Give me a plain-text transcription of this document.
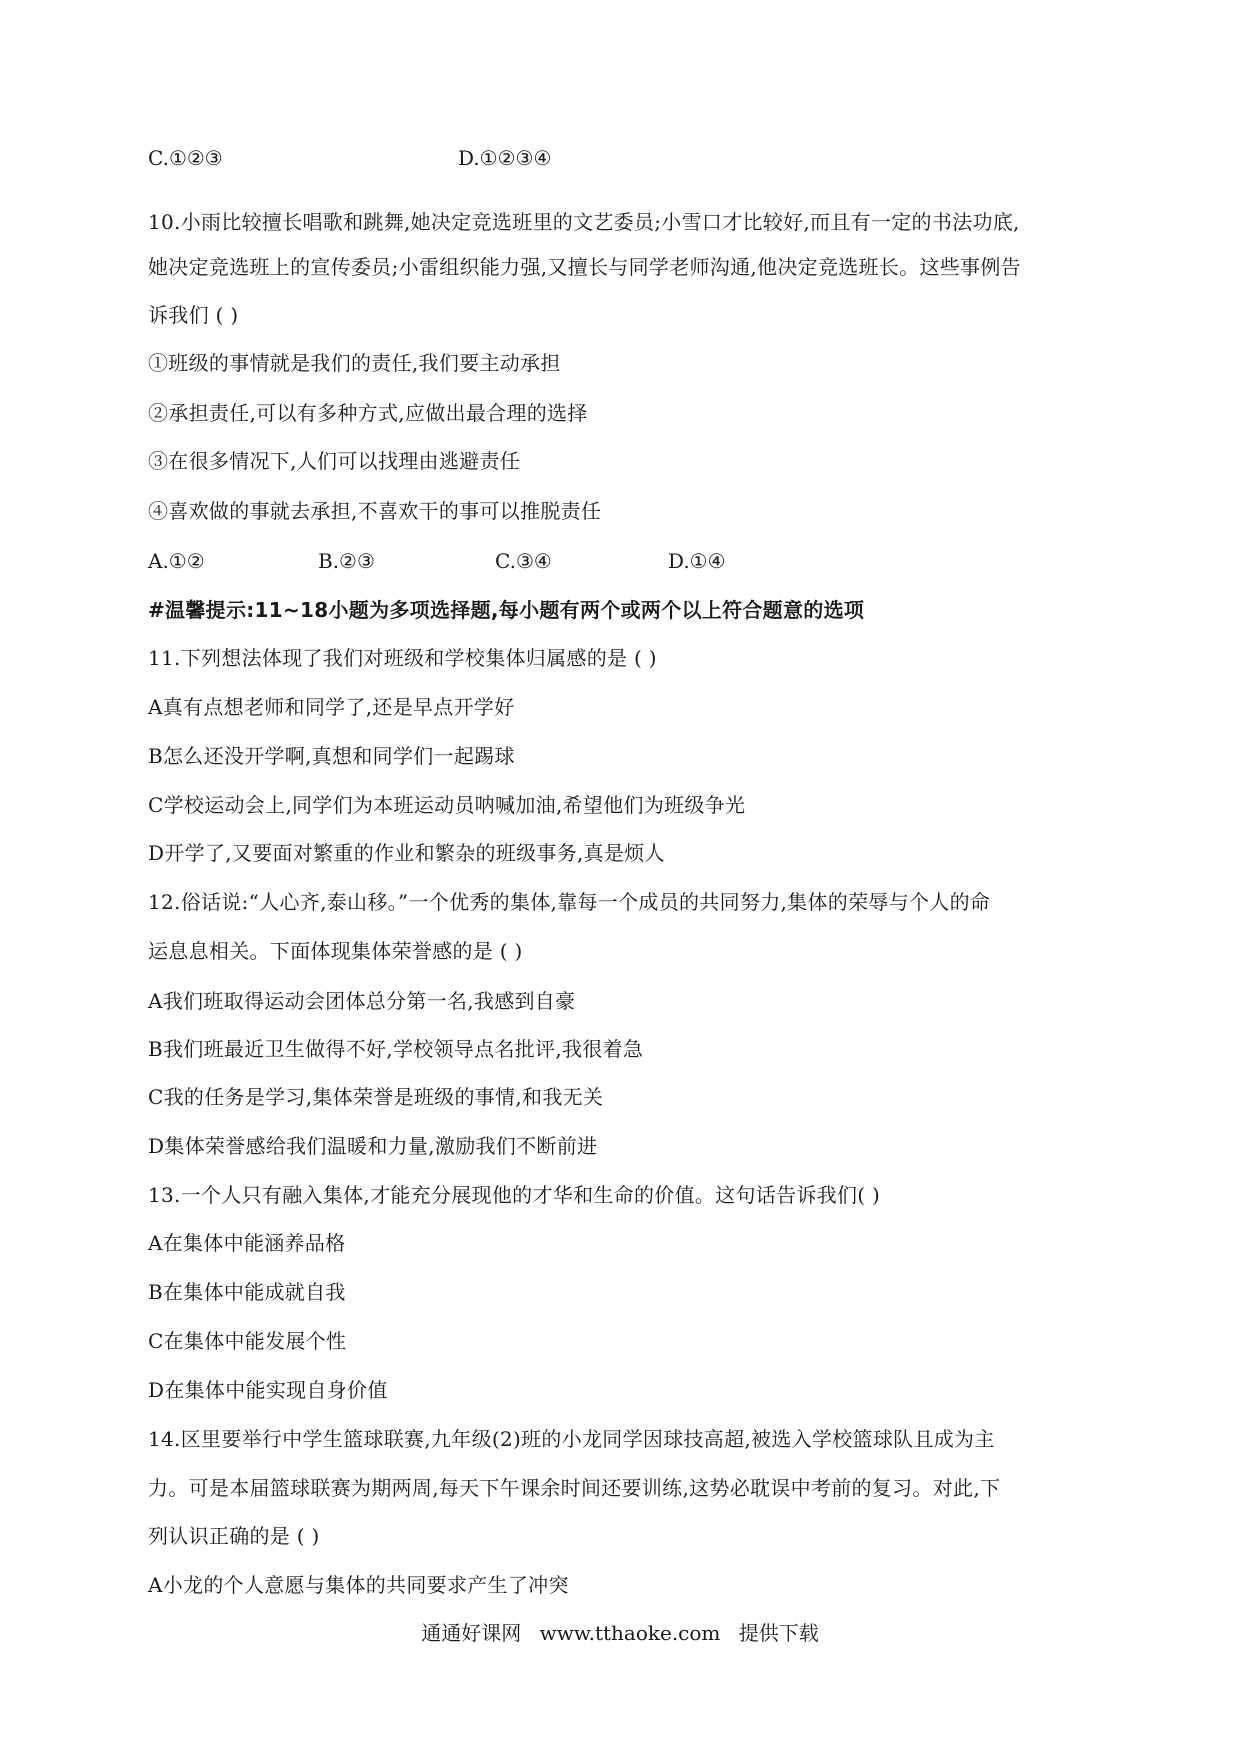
C.①②③	D.①②③④
10.小雨比较擅长唱歌和跳舞,她决定竞选班里的文艺委员;小雪口才比较好,而且有一定的书法功底,
她决定竞选班上的宣传委员;小雷组织能力强,又擅长与同学老师沟通,他决定竞选班长。这些事例告
诉我们 ( )
①班级的事情就是我们的责任,我们要主动承担
②承担责任,可以有多种方式,应做出最合理的选择
③在很多情况下,人们可以找理由逃避责任
④喜欢做的事就去承担,不喜欢干的事可以推脱责任
A.①②	B.②③	C.③④	D.①④
#温馨提示:11~18小题为多项选择题,每小题有两个或两个以上符合题意的选项
11.下列想法体现了我们对班级和学校集体归属感的是 ( )
A真有点想老师和同学了,还是早点开学好
B怎么还没开学啊,真想和同学们一起踢球
C学校运动会上,同学们为本班运动员呐喊加油,希望他们为班级争光
D开学了,又要面对繁重的作业和繁杂的班级事务,真是烦人
12.俗话说:“人心齐,泰山移。”一个优秀的集体,靠每一个成员的共同努力,集体的荣辱与个人的命
运息息相关。下面体现集体荣誉感的是 ( )
A我们班取得运动会团体总分第一名,我感到自豪
B我们班最近卫生做得不好,学校领导点名批评,我很着急
C我的任务是学习,集体荣誉是班级的事情,和我无关
D集体荣誉感给我们温暖和力量,激励我们不断前进
13.一个人只有融入集体,才能充分展现他的才华和生命的价值。这句话告诉我们( )
A在集体中能涵养品格
B在集体中能成就自我
C在集体中能发展个性
D在集体中能实现自身价值
14.区里要举行中学生篮球联赛,九年级(2)班的小龙同学因球技高超,被选入学校篮球队且成为主
力。可是本届篮球联赛为期两周,每天下午课余时间还要训练,这势必耽误中考前的复习。对此,下
列认识正确的是 ( )
A小龙的个人意愿与集体的共同要求产生了冲突
通通好课网 www.tthaoke.com 提供下载
